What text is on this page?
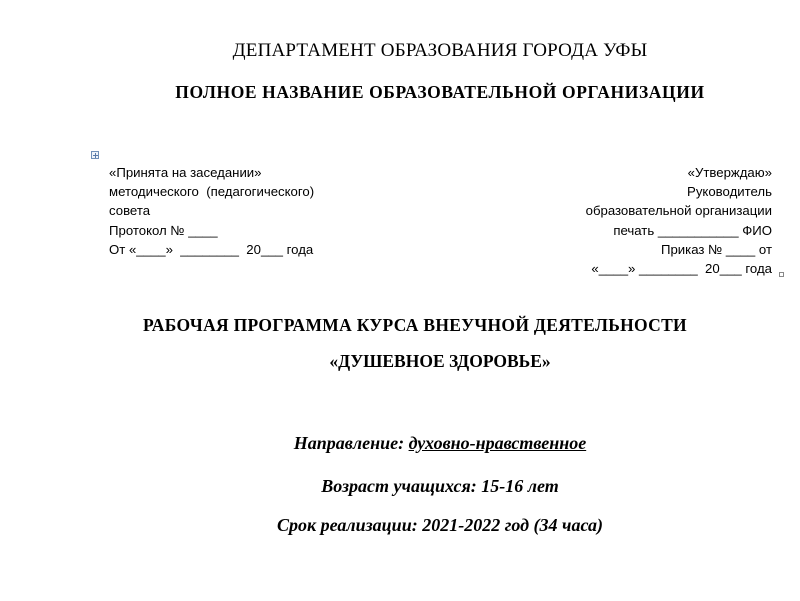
ДЕПАРТАМЕНТ ОБРАЗОВАНИЯ ГОРОДА УФЫ
ПОЛНОЕ НАЗВАНИЕ ОБРАЗОВАТЕЛЬНОЙ ОРГАНИЗАЦИИ
«Принята на заседании»
методического  (педагогического)
совета
Протокол № ____
От «____»  ________  20___ года
«Утверждаю»
Руководитель
образовательной организации
печать ___________ ФИО
Приказ № ____ от
«____» ________  20___ года
РАБОЧАЯ ПРОГРАММА КУРСА ВНЕУЧНОЙ ДЕЯТЕЛЬНОСТИ
«ДУШЕВНОЕ ЗДОРОВЬЕ»
Направление: духовно-нравственное
Возраст учащихся: 15-16 лет
Срок реализации: 2021-2022 год (34 часа)
